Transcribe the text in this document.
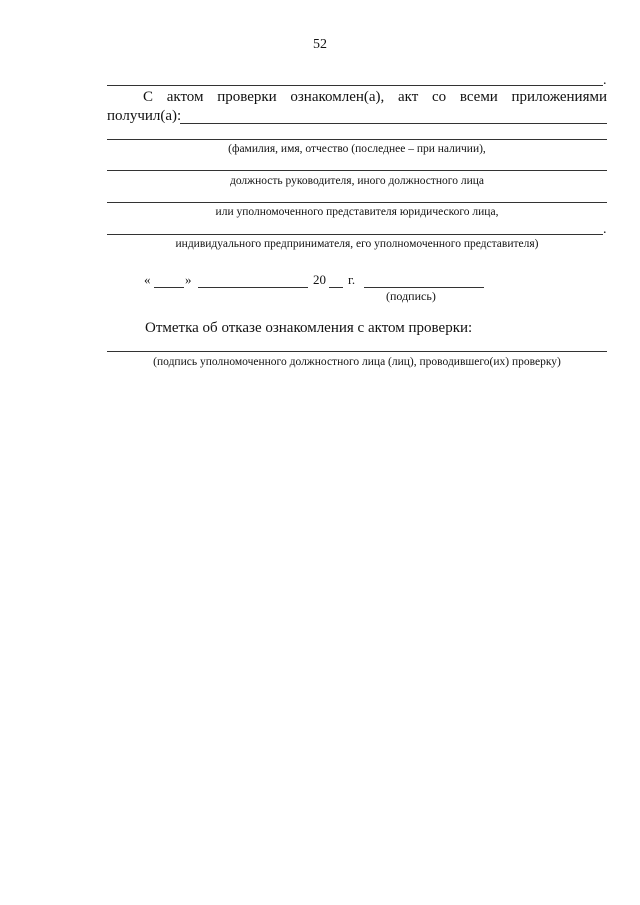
52
.
С актом проверки ознакомлен(а), акт со всеми приложениями
получил(а):
(фамилия, имя, отчество (последнее – при наличии),
должность руководителя, иного должностного лица
или уполномоченного представителя юридического лица,
.
индивидуального предпринимателя, его уполномоченного представителя)
«	»	20 г.
(подпись)
Отметка об отказе ознакомления с актом проверки:
(подпись уполномоченного должностного лица (лиц), проводившего(их) проверку)
